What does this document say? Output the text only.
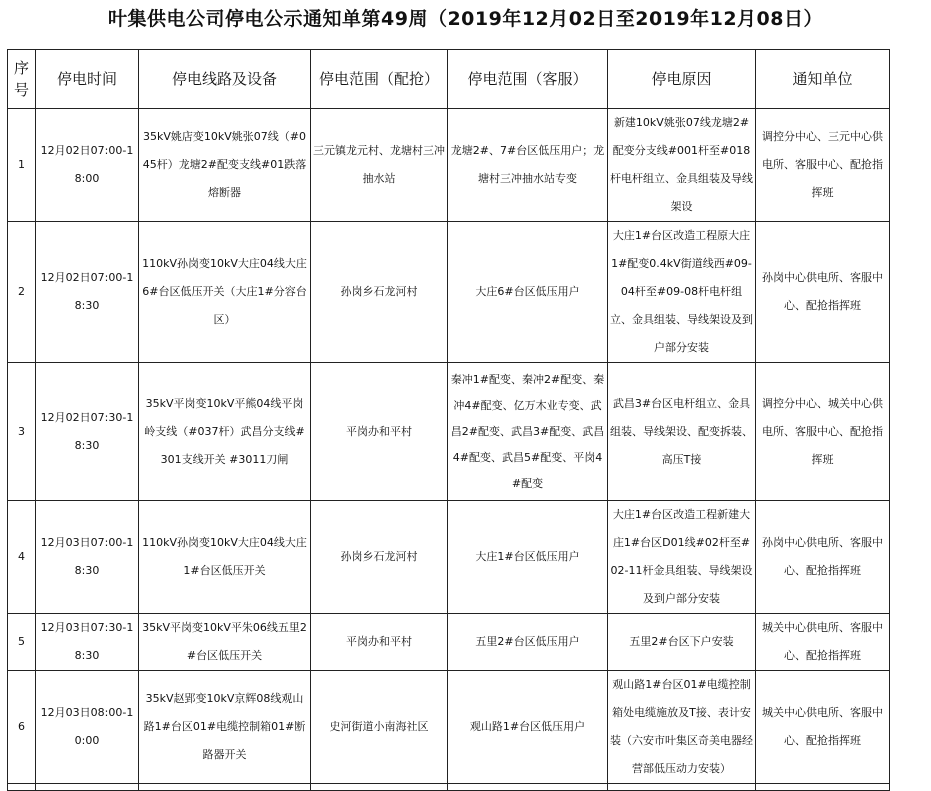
叶集供电公司停电公示通知单第49周（2019年12月02日至2019年12月08日）
序号	停电时间	停电线路及设备	停电范围（配抢）	停电范围（客服）	停电原因	通知单位
1	12月02日07:00-18:00	35kV姚店变10kV姚张07线（#045杆）龙塘2#配变支线#01跌落熔断器	三元镇龙元村、龙塘村三冲抽水站	龙塘2#、7#台区低压用户；龙塘村三冲抽水站专变	新建10kV姚张07线龙塘2#配变分支线#001杆至#018杆电杆组立、金具组装及导线架设	调控分中心、三元中心供电所、客服中心、配抢指挥班

2	12月02日07:00-18:30	110kV孙岗变10kV大庄04线大庄6#台区低压开关（大庄1#分容台区）	孙岗乡石龙河村	大庄6#台区低压用户	大庄1#台区改造工程原大庄1#配变0.4kV街道线西#09-04杆至#09-08杆电杆组立、金具组装、导线架设及到户部分安装	孙岗中心供电所、客服中心、配抢指挥班

3	12月02日07:30-18:30	35kV平岗变10kV平熊04线平岗岭支线（#037杆）武昌分支线#301支线开关 #3011刀闸	平岗办和平村	秦冲1#配变、秦冲2#配变、秦冲4#配变、亿万木业专变、武昌2#配变、武昌3#配变、武昌4#配变、武昌5#配变、平岗4#配变	武昌3#台区电杆组立、金具组装、导线架设、配变拆装、高压T接	调控分中心、城关中心供电所、客服中心、配抢指挥班

4	12月03日07:00-18:30	110kV孙岗变10kV大庄04线大庄1#台区低压开关	孙岗乡石龙河村	大庄1#台区低压用户	大庄1#台区改造工程新建大庄1#台区D01线#02杆至#02-11杆金具组装、导线架设及到户部分安装	孙岗中心供电所、客服中心、配抢指挥班

5	12月03日07:30-18:30	35kV平岗变10kV平朱06线五里2#台区低压开关	平岗办和平村	五里2#台区低压用户	五里2#台区下户安装	城关中心供电所、客服中心、配抢指挥班

6	12月03日08:00-10:00	35kV赵郢变10kV京辉08线观山路1#台区01#电缆控制箱01#断路器开关	史河街道小南海社区	观山路1#台区低压用户	观山路1#台区01#电缆控制箱处电缆施放及T接、表计安装（六安市叶集区奇美电器经营部低压动力安装）	城关中心供电所、客服中心、配抢指挥班
